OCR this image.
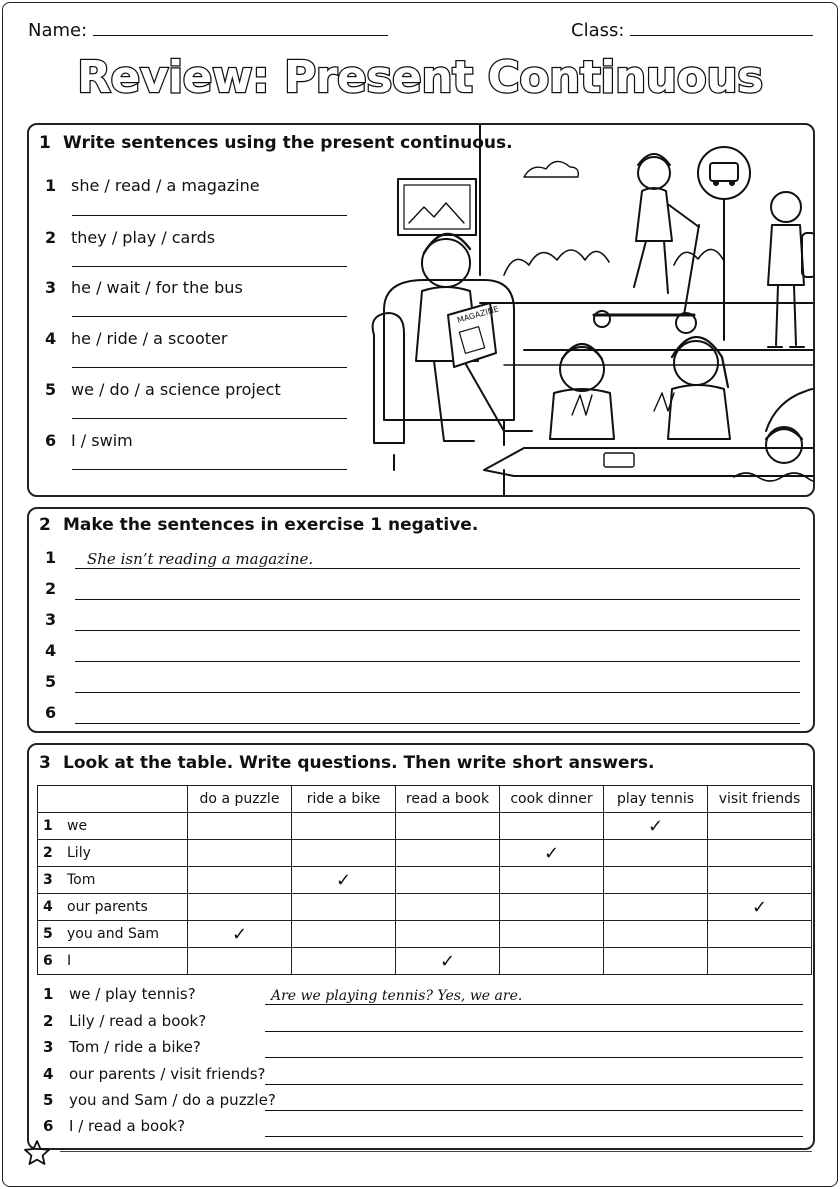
Name:	Class:
Review: Present Continuous
1 Write sentences using the present continuous.
1 she / read / a magazine
2 they / play / cards
3 he / wait / for the bus
4 he / ride / a scooter
5 we / do / a science project
6 I / swim
MAGAZINE
2 Make the sentences in exercise 1 negative.
1 She isn’t reading a magazine.
2
3
4
5
6
3 Look at the table. Write questions. Then write short answers.
	do a puzzle	ride a bike	read a book	cook dinner	play tennis	visit friends
1 we					✓	
2 Lily				✓		
3 Tom		✓				
4 our parents						✓
5 you and Sam	✓					
6 I			✓			
1 we / play tennis?	Are we playing tennis? Yes, we are.
2 Lily / read a book?
3 Tom / ride a bike?
4 our parents / visit friends?
5 you and Sam / do a puzzle?
6 I / read a book?
